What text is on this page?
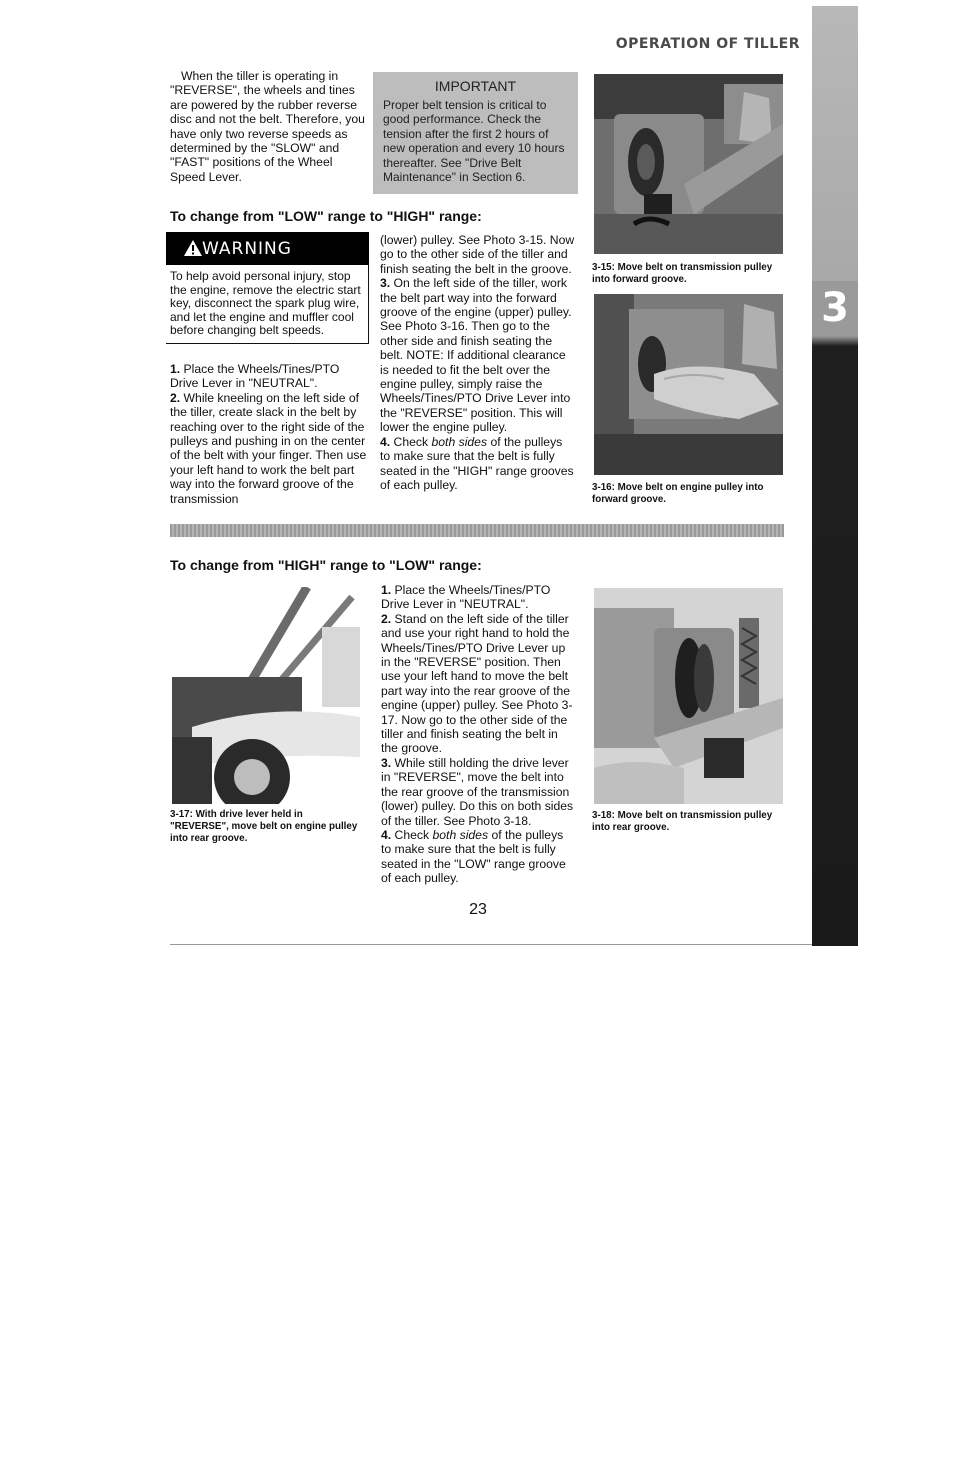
3
OPERATION OF TILLER
When the tiller is operating in "REVERSE", the wheels and tines are powered by the rubber reverse disc and not the belt. Therefore, you have only two reverse speeds as determined by the "SLOW" and "FAST" positions of the Wheel Speed Lever.
IMPORTANT
Proper belt tension is critical to good performance. Check the tension after the first 2 hours of new operation and every 10 hours thereafter. See "Drive Belt Maintenance" in Section 6.
3-15: Move belt on transmission pulley into forward groove.
To change from "LOW" range to "HIGH" range:
WARNING
To help avoid personal injury, stop the engine, remove the electric start key, disconnect the spark plug wire, and let the engine and muffler cool before changing belt speeds.

1. Place the Wheels/Tines/PTO Drive Lever in "NEUTRAL".

2. While kneeling on the left side of the tiller, create slack in the belt by reaching over to the right side of the pulleys and pushing in on the center of the belt with your finger. Then use your left hand to work the belt part way into the forward groove of the transmission

(lower) pulley. See Photo 3-15. Now go to the other side of the tiller and finish seating the belt in the groove.

3. On the left side of the tiller, work the belt part way into the forward groove of the engine (upper) pulley. See Photo 3-16. Then go to the other side and finish seating the belt. NOTE: If additional clearance is needed to fit the belt over the engine pulley, simply raise the Wheels/Tines/PTO Drive Lever into the "REVERSE" position. This will lower the engine pulley.

4. Check both sides of the pulleys to make sure that the belt is fully seated in the "HIGH" range grooves of each pulley.	3-16: Move belt on engine pulley into forward groove.
To change from "HIGH" range to "LOW" range:
3-17: With drive lever held in "REVERSE", move belt on engine pulley into rear groove.

1. Place the Wheels/Tines/PTO Drive Lever in "NEUTRAL".

2. Stand on the left side of the tiller and use your right hand to hold the Wheels/Tines/PTO Drive Lever up in the "REVERSE" position. Then use your left hand to move the belt part way into the rear groove of the engine (upper) pulley. See Photo 3-17. Now go to the other side of the tiller and finish seating the belt in the groove.

3. While still holding the drive lever in "REVERSE", move the belt into the rear groove of the transmission (lower) pulley. Do this on both sides of the tiller. See Photo 3-18.

4. Check both sides of the pulleys to make sure that the belt is fully seated in the "LOW" range groove of each pulley.

3-18: Move belt on transmission pulley into rear groove.
23
